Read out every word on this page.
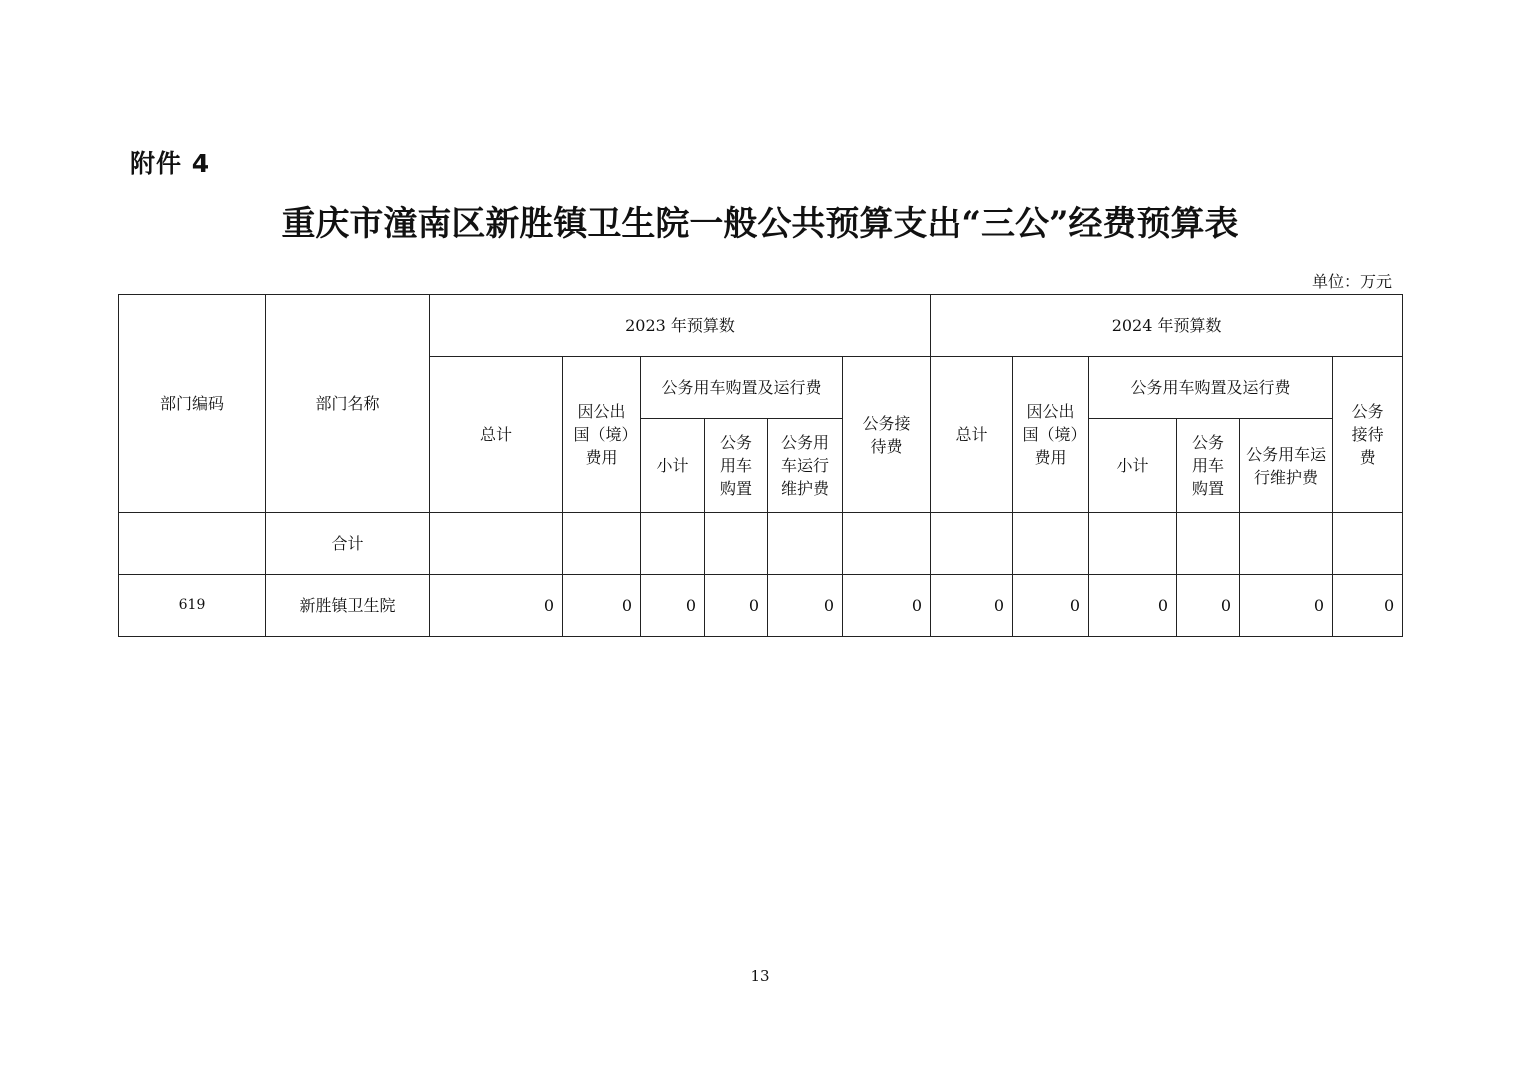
附件 4
重庆市潼南区新胜镇卫生院一般公共预算支出“三公”经费预算表
单位：万元
部门编码	部门名称	2023 年预算数						2024 年预算数					
		总计	因公出国（境）费用	公务用车购置及运行费			公务接待费	总计	因公出国（境）费用	公务用车购置及运行费			公务接待费
				小计	公务用车购置	公务用车运行维护费				小计	公务用车购置	公务用车运行维护费	
	合计												
619	新胜镇卫生院	0	0	0	0	0	0	0	0	0	0	0	0
13
